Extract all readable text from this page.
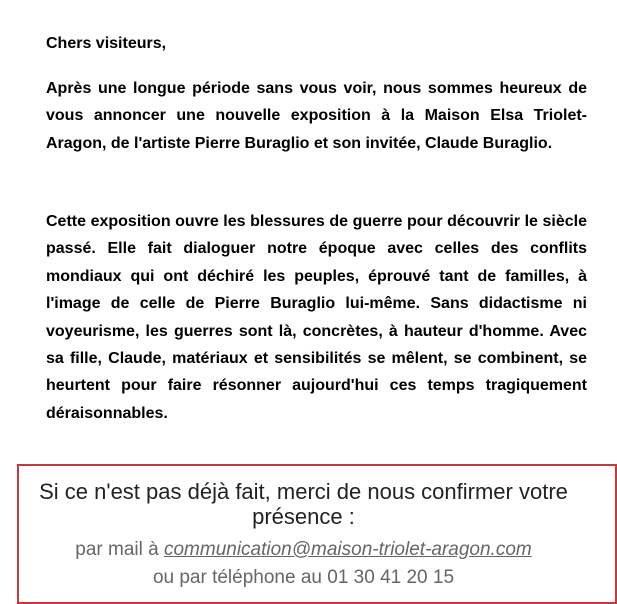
Chers visiteurs,

Après une longue période sans vous voir, nous sommes heureux de vous annoncer une nouvelle exposition à la Maison Elsa Triolet-Aragon, de l'artiste Pierre Buraglio et son invitée, Claude Buraglio.

Cette exposition ouvre les blessures de guerre pour découvrir le siècle passé. Elle fait dialoguer notre époque avec celles des conflits mondiaux qui ont déchiré les peuples, éprouvé tant de familles, à l'image de celle de Pierre Buraglio lui-même. Sans didactisme ni voyeurisme, les guerres sont là, concrètes, à hauteur d'homme. Avec sa fille, Claude, matériaux et sensibilités se mêlent, se combinent, se heurtent pour faire résonner aujourd'hui ces temps tragiquement déraisonnables.

Si ce n'est pas déjà fait, merci de nous confirmer votre présence :

par mail à communication@maison-triolet-aragon.com

ou par téléphone au 01 30 41 20 15
